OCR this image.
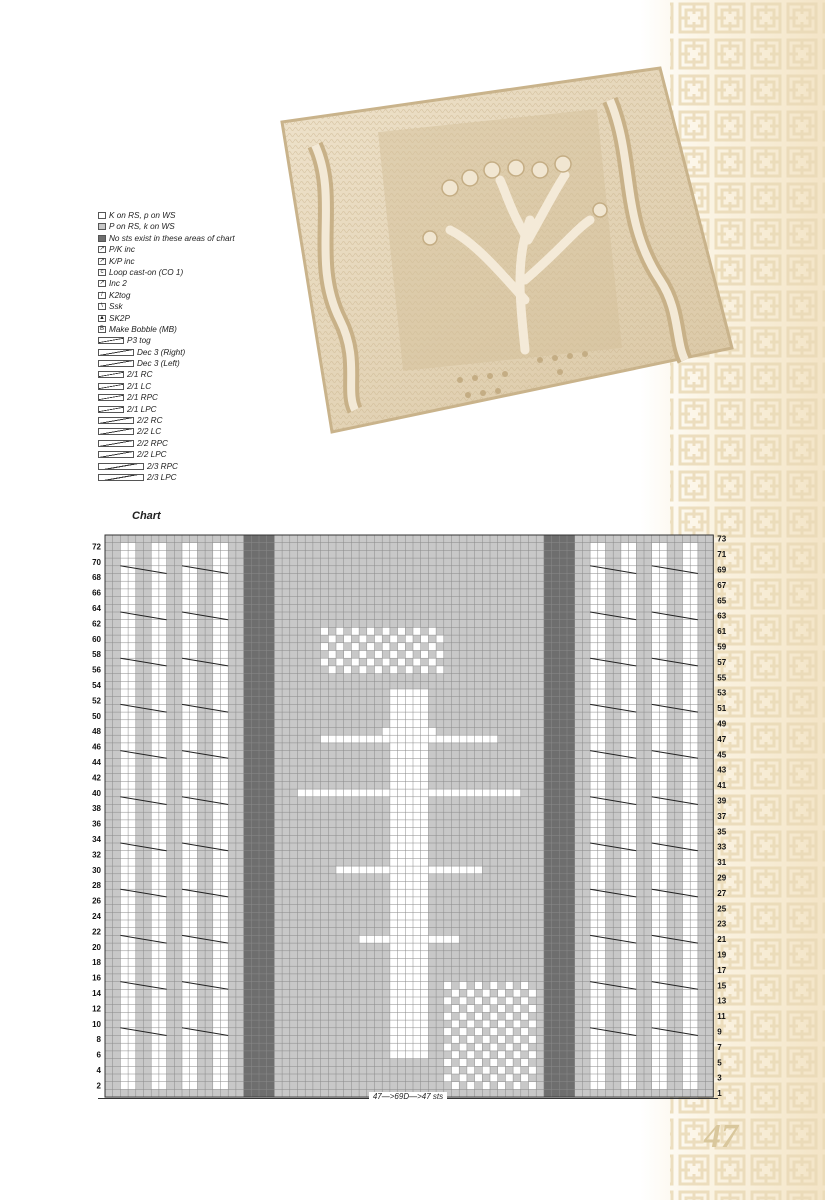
K on RS, p on WS
P on RS, k on WS
No sts exist in these areas of chart
↗ P/K inc
↗ K/P inc
c Loop cast-on (CO 1)
↗ Inc 2
/ K2tog
\ Ssk
▲ SK2P
B Make Bobble (MB)
P3 tog
Dec 3 (Right)
Dec 3 (Left)
2/1 RC
2/1 LC
2/1 RPC
2/1 LPC
2/2 RC
2/2 LC
2/2 RPC
2/2 LPC
2/3 RPC
2/3 LPC
Chart
72
70
68
66
64
62
60
58
56
54
52
50
48
46
44
42
40
38
36
34
32
30
28
26
24
22
20
18
16
14
12
10
8
6
4
2
73
71
69
67
65
63
61
59
57
55
53
51
49
47
45
43
41
39
37
35
33
31
29
27
25
23
21
19
17
15
13
11
9
7
5
3
1
47—>69D—>47 sts
47
